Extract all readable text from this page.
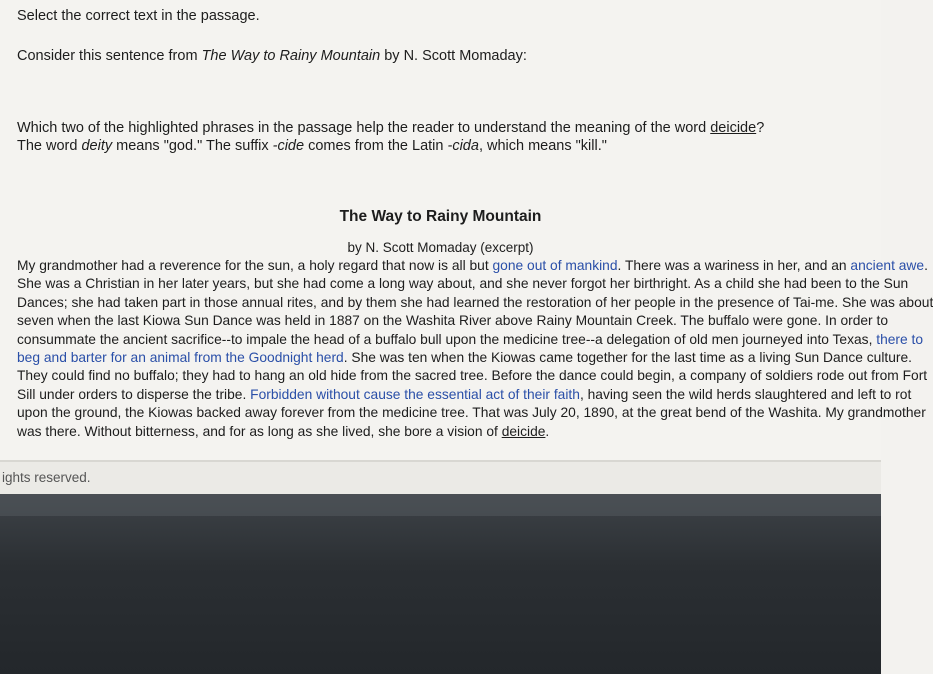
Select the correct text in the passage.
Consider this sentence from The Way to Rainy Mountain by N. Scott Momaday:
Which two of the highlighted phrases in the passage help the reader to understand the meaning of the word deicide?
The word deity means "god." The suffix -cide comes from the Latin -cida, which means "kill."
The Way to Rainy Mountain
by N. Scott Momaday (excerpt)
My grandmother had a reverence for the sun, a holy regard that now is all but gone out of mankind. There was a wariness in her, and an ancient awe.
She was a Christian in her later years, but she had come a long way about, and she never forgot her birthright. As a child she had been to the Sun
Dances; she had taken part in those annual rites, and by them she had learned the restoration of her people in the presence of Tai-me. She was about
seven when the last Kiowa Sun Dance was held in 1887 on the Washita River above Rainy Mountain Creek. The buffalo were gone. In order to
consummate the ancient sacrifice--to impale the head of a buffalo bull upon the medicine tree--a delegation of old men journeyed into Texas, there to
beg and barter for an animal from the Goodnight herd. She was ten when the Kiowas came together for the last time as a living Sun Dance culture.
They could find no buffalo; they had to hang an old hide from the sacred tree. Before the dance could begin, a company of soldiers rode out from Fort
Sill under orders to disperse the tribe. Forbidden without cause the essential act of their faith, having seen the wild herds slaughtered and left to rot
upon the ground, the Kiowas backed away forever from the medicine tree. That was July 20, 1890, at the great bend of the Washita. My grandmother
was there. Without bitterness, and for as long as she lived, she bore a vision of deicide.
ights reserved.
